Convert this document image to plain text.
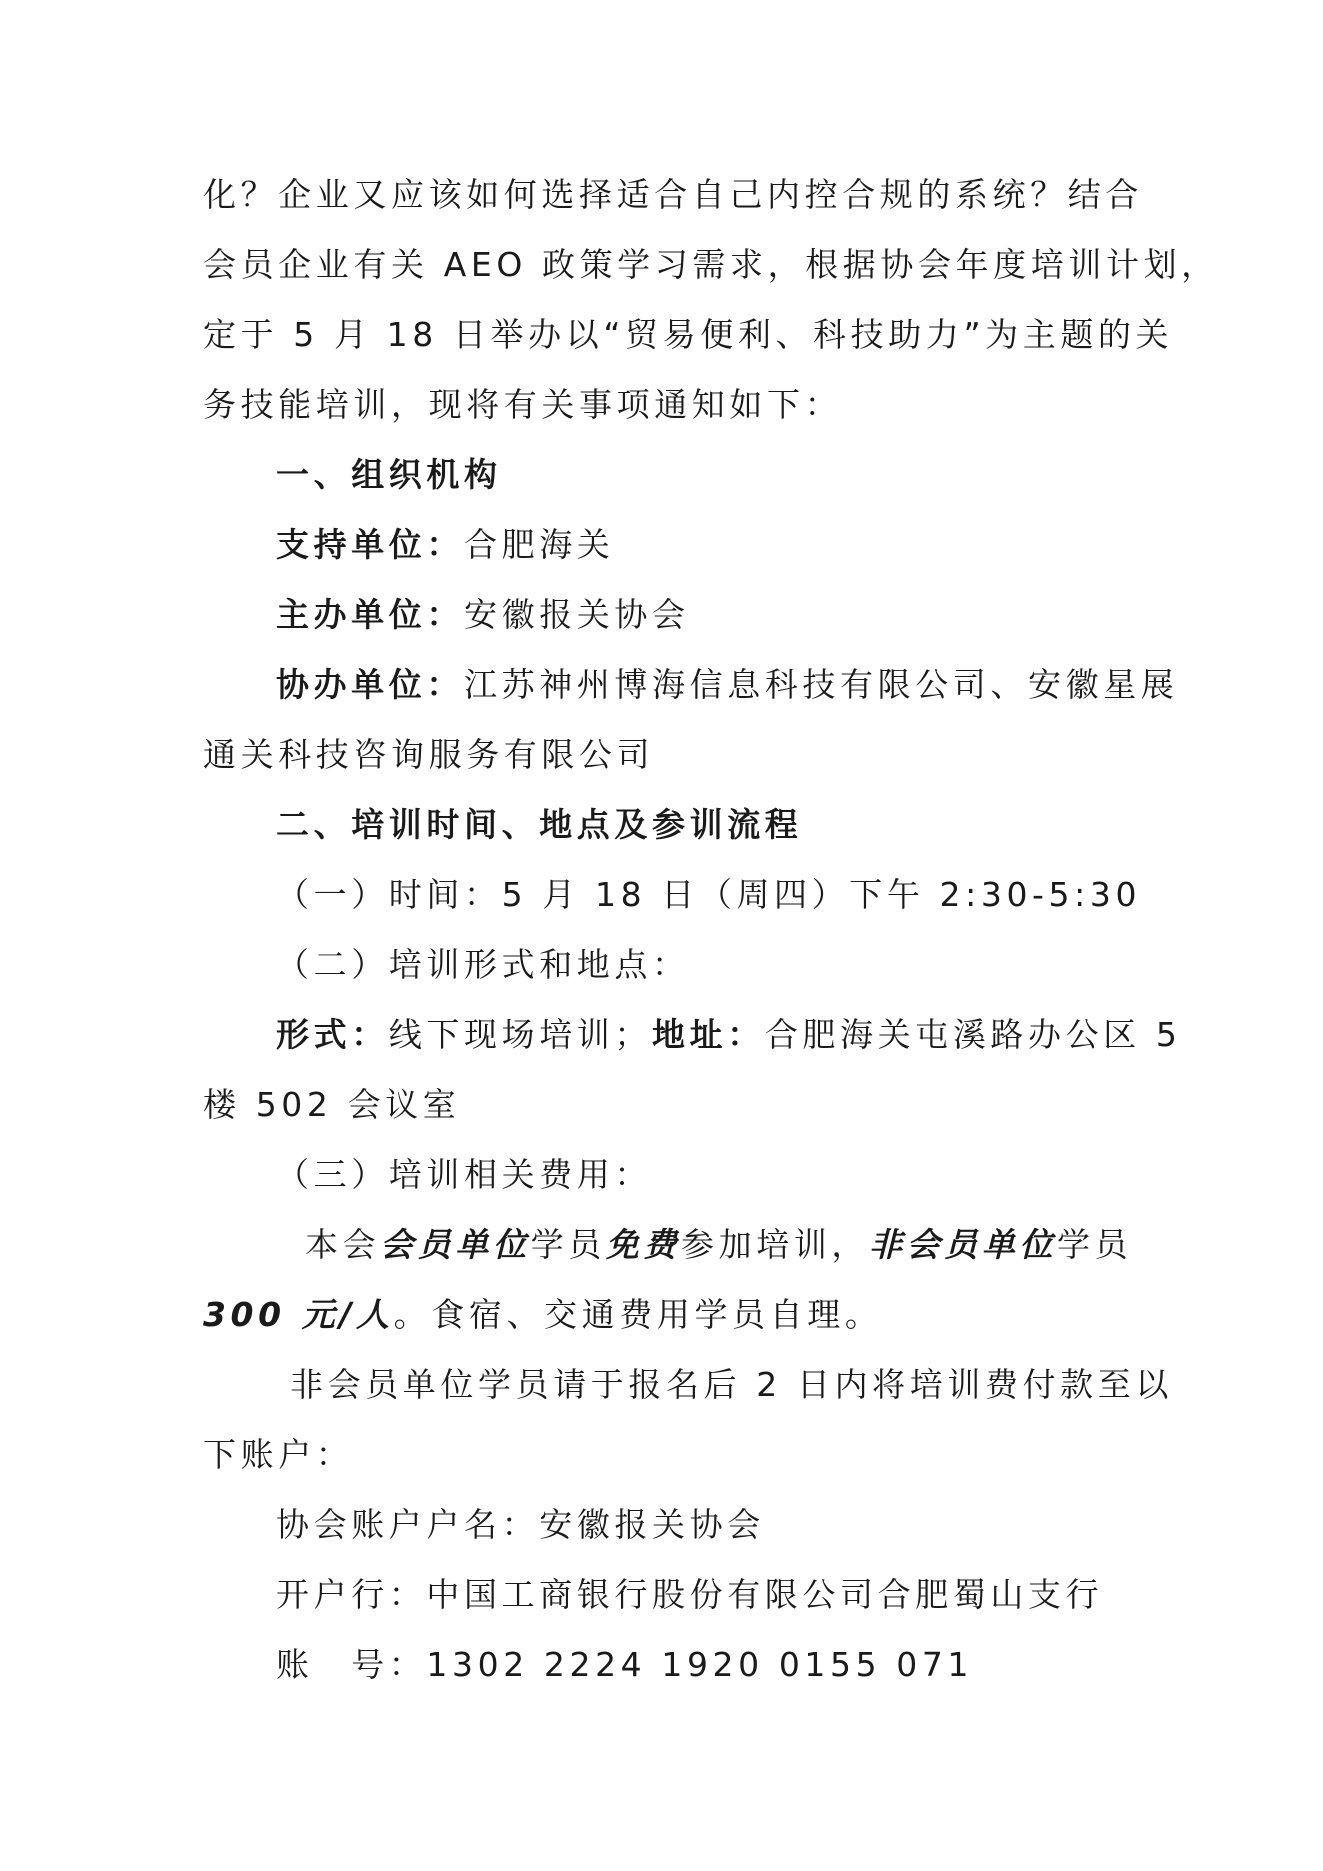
化？企业又应该如何选择适合自己内控合规的系统？结合
会员企业有关 AEO 政策学习需求，根据协会年度培训计划，
定于 5 月 18 日举办以“贸易便利、科技助力”为主题的关
务技能培训，现将有关事项通知如下：
一、组织机构
支持单位：合肥海关
主办单位：安徽报关协会
协办单位：江苏神州博海信息科技有限公司、安徽星展
通关科技咨询服务有限公司
二、培训时间、地点及参训流程
（一）时间：5 月 18 日（周四）下午 2:30-5:30
（二）培训形式和地点：
形式：线下现场培训；地址：合肥海关屯溪路办公区 5
楼 502 会议室
（三）培训相关费用：
本会会员单位学员免费参加培训，非会员单位学员
300 元/人。食宿、交通费用学员自理。
非会员单位学员请于报名后 2 日内将培训费付款至以
下账户：
协会账户户名：安徽报关协会
开户行：中国工商银行股份有限公司合肥蜀山支行
账　号：1302 2224 1920 0155 071
